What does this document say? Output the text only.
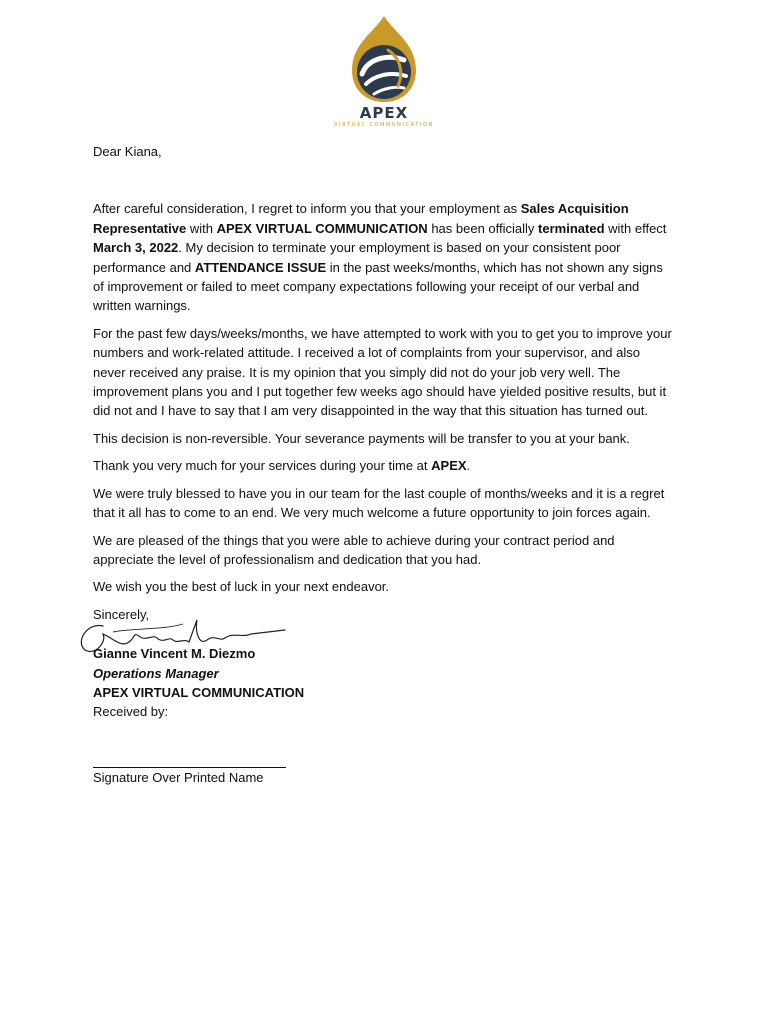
APEX
VIRTUAL COMMUNICATION

Dear Kiana,

After careful consideration, I regret to inform you that your employment as Sales Acquisition Representative with APEX VIRTUAL COMMUNICATION has been officially terminated with effect March 3, 2022. My decision to terminate your employment is based on your consistent poor performance and ATTENDANCE ISSUE in the past weeks/months, which has not shown any signs of improvement or failed to meet company expectations following your receipt of our verbal and written warnings.

For the past few days/weeks/months, we have attempted to work with you to get you to improve your numbers and work-related attitude. I received a lot of complaints from your supervisor, and also never received any praise. It is my opinion that you simply did not do your job very well. The improvement plans you and I put together few weeks ago should have yielded positive results, but it did not and I have to say that I am very disappointed in the way that this situation has turned out.

This decision is non-reversible. Your severance payments will be transfer to you at your bank.

Thank you very much for your services during your time at APEX.

We were truly blessed to have you in our team for the last couple of months/weeks and it is a regret that it all has to come to an end. We very much welcome a future opportunity to join forces again.

We are pleased of the things that you were able to achieve during your contract period and appreciate the level of professionalism and dedication that you had.

We wish you the best of luck in your next endeavor.

Sincerely,

Gianne Vincent M. Diezmo
Operations Manager
APEX VIRTUAL COMMUNICATION

Received by:

Signature Over Printed Name
